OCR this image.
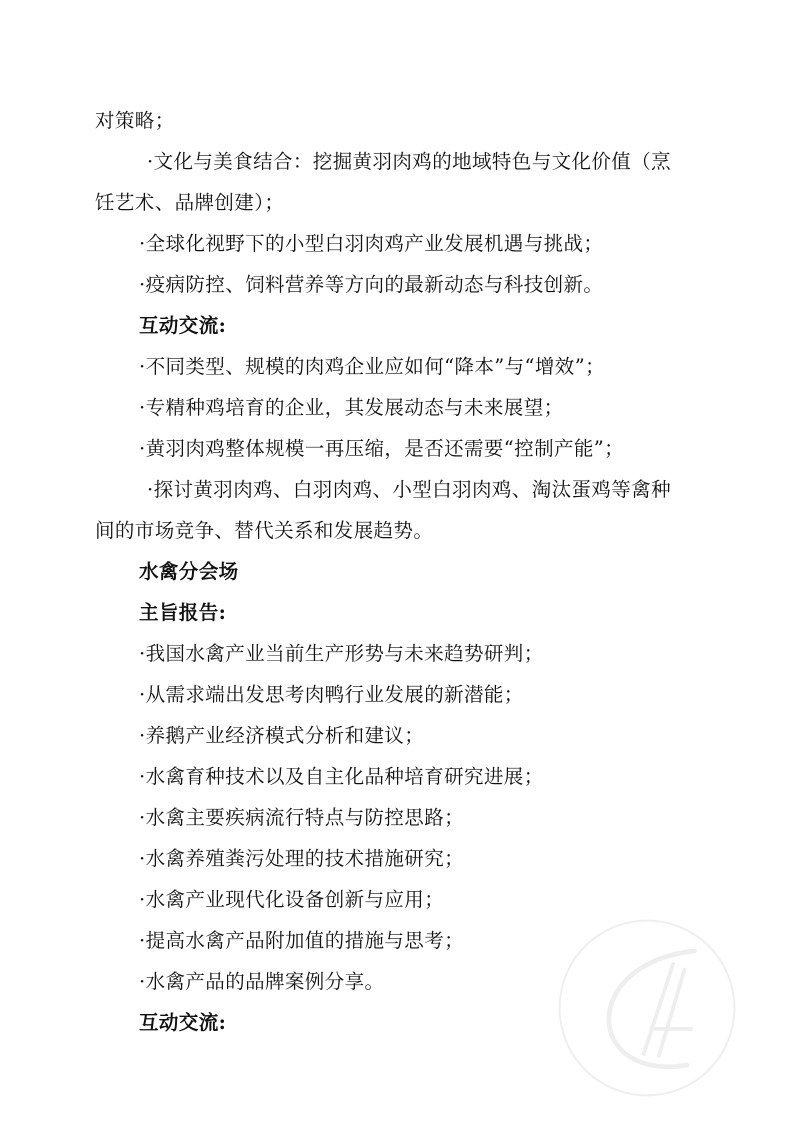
对策略；
·文化与美食结合：挖掘黄羽肉鸡的地域特色与文化价值（烹
饪艺术、品牌创建）；
·全球化视野下的小型白羽肉鸡产业发展机遇与挑战；
·疫病防控、饲料营养等方向的最新动态与科技创新。
互动交流:
·不同类型、规模的肉鸡企业应如何“降本”与“增效”；
·专精种鸡培育的企业，其发展动态与未来展望；
·黄羽肉鸡整体规模一再压缩，是否还需要“控制产能”；
·探讨黄羽肉鸡、白羽肉鸡、小型白羽肉鸡、淘汰蛋鸡等禽种
间的市场竞争、替代关系和发展趋势。
水禽分会场
主旨报告:
·我国水禽产业当前生产形势与未来趋势研判；
·从需求端出发思考肉鸭行业发展的新潜能；
·养鹅产业经济模式分析和建议；
·水禽育种技术以及自主化品种培育研究进展；
·水禽主要疾病流行特点与防控思路；
·水禽养殖粪污处理的技术措施研究；
·水禽产业现代化设备创新与应用；
·提高水禽产品附加值的措施与思考；
·水禽产品的品牌案例分享。
互动交流:
